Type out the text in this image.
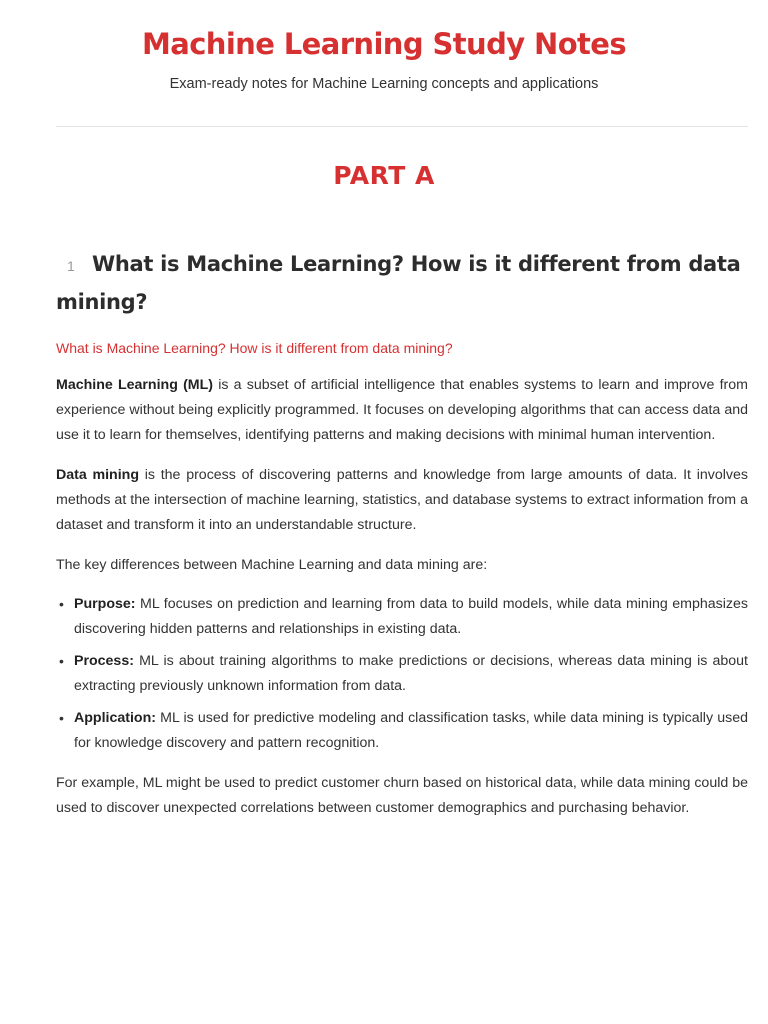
Machine Learning Study Notes

Exam-ready notes for Machine Learning concepts and applications

PART A
1 What is Machine Learning? How is it different from data mining?

What is Machine Learning? How is it different from data mining?

Machine Learning (ML) is a subset of artificial intelligence that enables systems to learn and improve from experience without being explicitly programmed. It focuses on developing algorithms that can access data and use it to learn for themselves, identifying patterns and making decisions with minimal human intervention.

Data mining is the process of discovering patterns and knowledge from large amounts of data. It involves methods at the intersection of machine learning, statistics, and database systems to extract information from a dataset and transform it into an understandable structure.

The key differences between Machine Learning and data mining are:

• Purpose: ML focuses on prediction and learning from data to build models, while data mining emphasizes discovering hidden patterns and relationships in existing data.
• Process: ML is about training algorithms to make predictions or decisions, whereas data mining is about extracting previously unknown information from data.
• Application: ML is used for predictive modeling and classification tasks, while data mining is typically used for knowledge discovery and pattern recognition.

For example, ML might be used to predict customer churn based on historical data, while data mining could be used to discover unexpected correlations between customer demographics and purchasing behavior.
